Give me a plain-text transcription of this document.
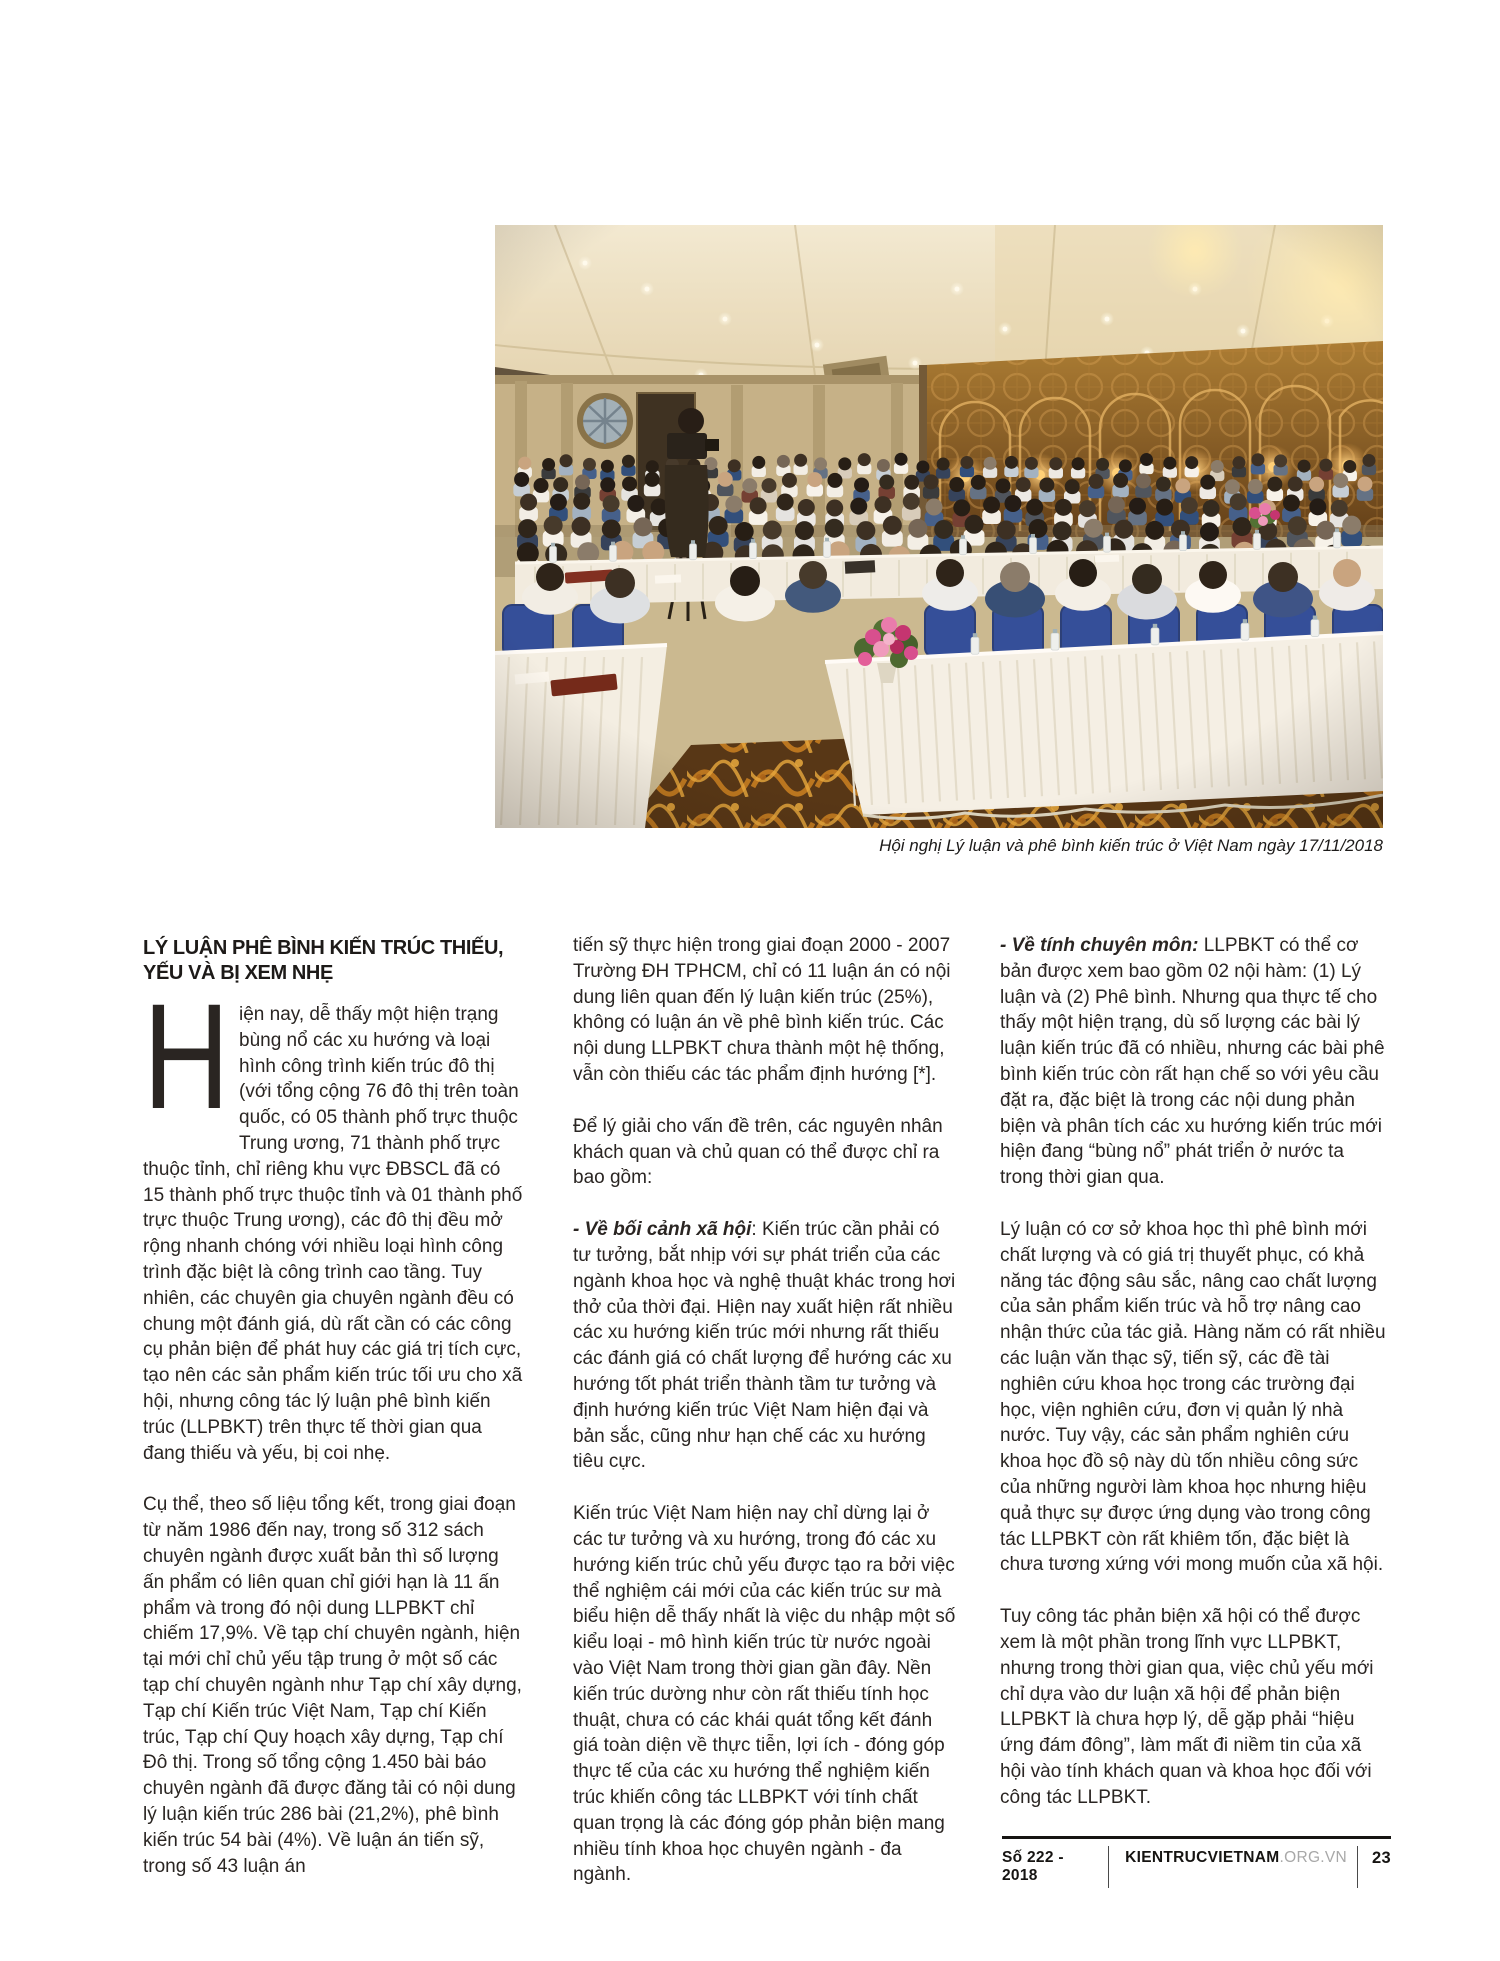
Hội nghị Lý luận và phê bình kiến trúc ở Việt Nam ngày 17/11/2018
LÝ LUẬN PHÊ BÌNH KIẾN TRÚC THIẾU,
YẾU VÀ BỊ XEM NHẸ

Hiện nay, dễ thấy một hiện trạng bùng nổ các xu hướng và loại hình công trình kiến trúc đô thị (với tổng cộng 76 đô thị trên toàn quốc, có 05 thành phố trực thuộc Trung ương, 71 thành phố trực thuộc tỉnh, chỉ riêng khu vực ĐBSCL đã có 15 thành phố trực thuộc tỉnh và 01 thành phố trực thuộc Trung ương), các đô thị đều mở rộng nhanh chóng với nhiều loại hình công trình đặc biệt là công trình cao tầng. Tuy nhiên, các chuyên gia chuyên ngành đều có chung một đánh giá, dù rất cần có các công cụ phản biện để phát huy các giá trị tích cực, tạo nên các sản phẩm kiến trúc tối ưu cho xã hội, nhưng công tác lý luận phê bình kiến trúc (LLPBKT) trên thực tế thời gian qua đang thiếu và yếu, bị coi nhẹ.

Cụ thể, theo số liệu tổng kết, trong giai đoạn từ năm 1986 đến nay, trong số 312 sách chuyên ngành được xuất bản thì số lượng ấn phẩm có liên quan chỉ giới hạn là 11 ấn phẩm và trong đó nội dung LLPBKT chỉ chiếm 17,9%. Về tạp chí chuyên ngành, hiện tại mới chỉ chủ yếu tập trung ở một số các tạp chí chuyên ngành như Tạp chí xây dựng, Tạp chí Kiến trúc Việt Nam, Tạp chí Kiến trúc, Tạp chí Quy hoạch xây dựng, Tạp chí Đô thị. Trong số tổng cộng 1.450 bài báo chuyên ngành đã được đăng tải có nội dung lý luận kiến trúc 286 bài (21,2%), phê bình kiến trúc 54 bài (4%). Về luận án tiến sỹ, trong số 43 luận án

tiến sỹ thực hiện trong giai đoạn 2000 - 2007 Trường ĐH TPHCM, chỉ có 11 luận án có nội dung liên quan đến lý luận kiến trúc (25%), không có luận án về phê bình kiến trúc. Các nội dung LLPBKT chưa thành một hệ thống, vẫn còn thiếu các tác phẩm định hướng [*].

Để lý giải cho vấn đề trên, các nguyên nhân khách quan và chủ quan có thể được chỉ ra bao gồm:

- Về bối cảnh xã hội: Kiến trúc cần phải có tư tưởng, bắt nhịp với sự phát triển của các ngành khoa học và nghệ thuật khác trong hơi thở của thời đại. Hiện nay xuất hiện rất nhiều các xu hướng kiến trúc mới nhưng rất thiếu các đánh giá có chất lượng để hướng các xu hướng tốt phát triển thành tầm tư tưởng và định hướng kiến trúc Việt Nam hiện đại và bản sắc, cũng như hạn chế các xu hướng tiêu cực.

Kiến trúc Việt Nam hiện nay chỉ dừng lại ở các tư tưởng và xu hướng, trong đó các xu hướng kiến trúc chủ yếu được tạo ra bởi việc thể nghiệm cái mới của các kiến trúc sư mà biểu hiện dễ thấy nhất là việc du nhập một số kiểu loại - mô hình kiến trúc từ nước ngoài vào Việt Nam trong thời gian gần đây. Nền kiến trúc dường như còn rất thiếu tính học thuật, chưa có các khái quát tổng kết đánh giá toàn diện về thực tiễn, lợi ích - đóng góp thực tế của các xu hướng thể nghiệm kiến trúc khiến công tác LLBPKT với tính chất quan trọng là các đóng góp phản biện mang nhiều tính khoa học chuyên ngành - đa ngành.

- Về tính chuyên môn: LLPBKT có thể cơ bản được xem bao gồm 02 nội hàm: (1) Lý luận và (2) Phê bình. Nhưng qua thực tế cho thấy một hiện trạng, dù số lượng các bài lý luận kiến trúc đã có nhiều, nhưng các bài phê bình kiến trúc còn rất hạn chế so với yêu cầu đặt ra, đặc biệt là trong các nội dung phản biện và phân tích các xu hướng kiến trúc mới hiện đang “bùng nổ” phát triển ở nước ta trong thời gian qua.

Lý luận có cơ sở khoa học thì phê bình mới chất lượng và có giá trị thuyết phục, có khả năng tác động sâu sắc, nâng cao chất lượng của sản phẩm kiến trúc và hỗ trợ nâng cao nhận thức của tác giả. Hàng năm có rất nhiều các luận văn thạc sỹ, tiến sỹ, các đề tài nghiên cứu khoa học trong các trường đại học, viện nghiên cứu, đơn vị quản lý nhà nước. Tuy vậy, các sản phẩm nghiên cứu khoa học đồ sộ này dù tốn nhiều công sức của những người làm khoa học nhưng hiệu quả thực sự được ứng dụng vào trong công tác LLPBKT còn rất khiêm tốn, đặc biệt là chưa tương xứng với mong muốn của xã hội.

Tuy công tác phản biện xã hội có thể được xem là một phần trong lĩnh vực LLPBKT, nhưng trong thời gian qua, việc chủ yếu mới chỉ dựa vào dư luận xã hội để phản biện LLPBKT là chưa hợp lý, dễ gặp phải “hiệu ứng đám đông”, làm mất đi niềm tin của xã hội vào tính khách quan và khoa học đối với công tác LLPBKT.

Số 222 - 2018
KIENTRUCVIETNAM.ORG.VN	23
